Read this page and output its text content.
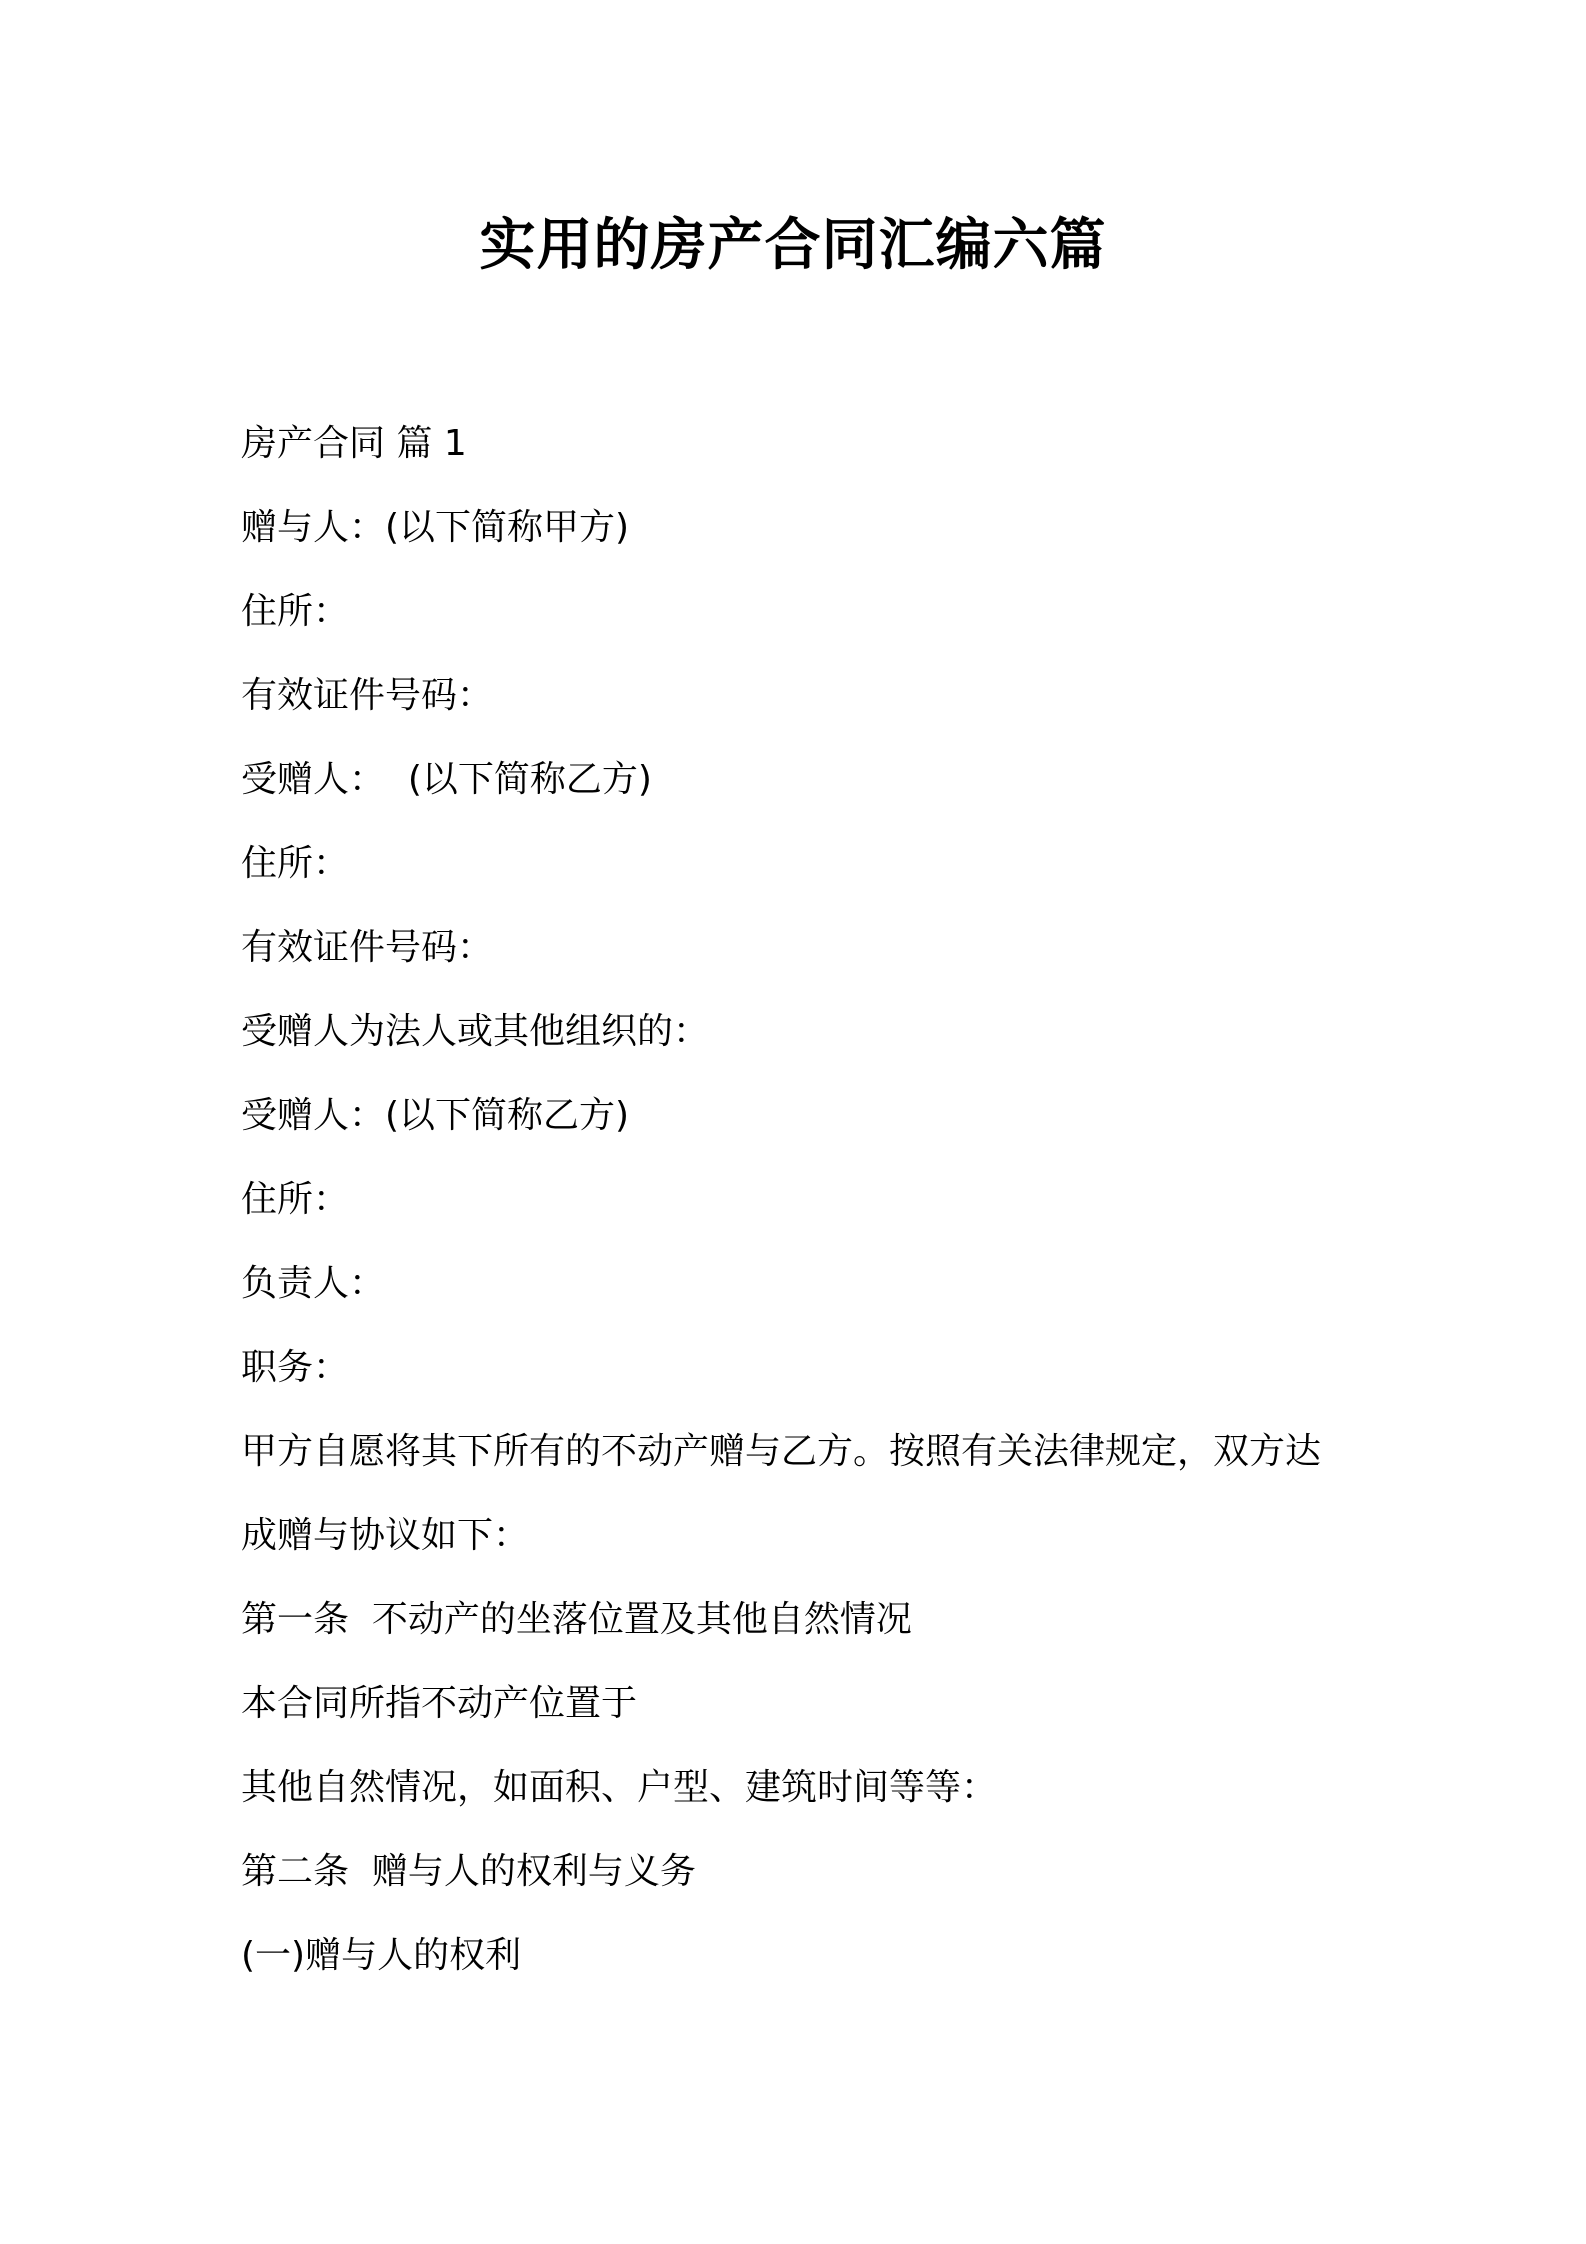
实用的房产合同汇编六篇
房产合同 篇 1
赠与人：(以下简称甲方)
住所：
有效证件号码：
受赠人：  (以下简称乙方)
住所：
有效证件号码：
受赠人为法人或其他组织的：
受赠人：(以下简称乙方)
住所：
负责人：
职务：
甲方自愿将其下所有的不动产赠与乙方。按照有关法律规定，双方达
成赠与协议如下：
第一条  不动产的坐落位置及其他自然情况
本合同所指不动产位置于
其他自然情况，如面积、户型、建筑时间等等：
第二条  赠与人的权利与义务
(一)赠与人的权利
